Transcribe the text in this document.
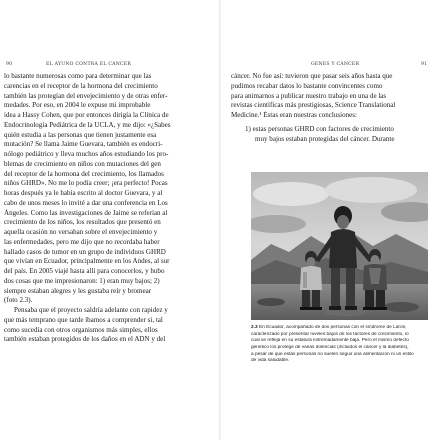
90	EL AYUNO CONTRA EL CÁNCER
lo bastante numerosas como para determinar que las
carencias en el receptor de la hormona del crecimiento
también las protegían del envejecimiento y de otras enfer-
medades. Por eso, en 2004 le expuse mi improbable
idea a Hassy Cohen, que por entonces dirigía la Clínica de
Endocrinología Pediátrica de la UCLA, y me dijo: «¿Sabes
quién estudia a las personas que tienen justamente esa
mutación? Se llama Jaime Guevara, también es endocri-
nólogo pediátrico y lleva muchos años estudiando los pro-
blemas de crecimiento en niños con mutaciones del gen
del receptor de la hormona del crecimiento, los llamados
niños GHRD». No me lo podía creer; ¡era perfecto! Pocas
horas después ya le había escrito al doctor Guevara, y al
cabo de unos meses lo invité a dar una conferencia en Los
Ángeles. Como las investigaciones de Jaime se referían al
crecimiento de los niños, los resultados que presentó en
aquella ocasión no versaban sobre el envejecimiento y
las enfermedades, pero me dijo que no recordaba haber
hallado casos de tumor en un grupo de individuos GHRD
que vivían en Ecuador, principalmente en los Andes, al sur
del país. En 2005 viajé hasta allí para conocerlos, y hubo
dos cosas que me impresionaron: 1) eran muy bajos; 2)
siempre estaban alegres y les gustaba reír y bromear
(foto 2.3).
Pensaba que el proyecto saldría adelante con rapidez y
que más temprano que tarde íbamos a comprender si, tal
como sucedía con otros organismos más simples, ellos
también estaban protegidos de los daños en el ADN y del
GENES Y CÁNCER	91
cáncer. No fue así: tuvieron que pasar seis años hasta que
pudimos recabar datos lo bastante convincentes como
para animarnos a publicar nuestro trabajo en una de las
revistas científicas más prestigiosas, Science Translational
Medicine.¹ Éstas eran nuestras conclusiones:
1) estas personas GHRD con factores de crecimiento
muy bajos estaban protegidas del cáncer. Durante
2.3 En Ecuador, acompañado de dos personas con el síndrome de Laron,
caracterizado por presentar niveles bajos de los factores de crecimiento, lo
cual se refleja en su estatura extremadamente baja. Pero el mismo defecto
genético los protege de varias dolencias (incluidos el cáncer y la diabetes),
a pesar de que estas personas no suelen seguir una alimentación ni un estilo
de vida saludable.
